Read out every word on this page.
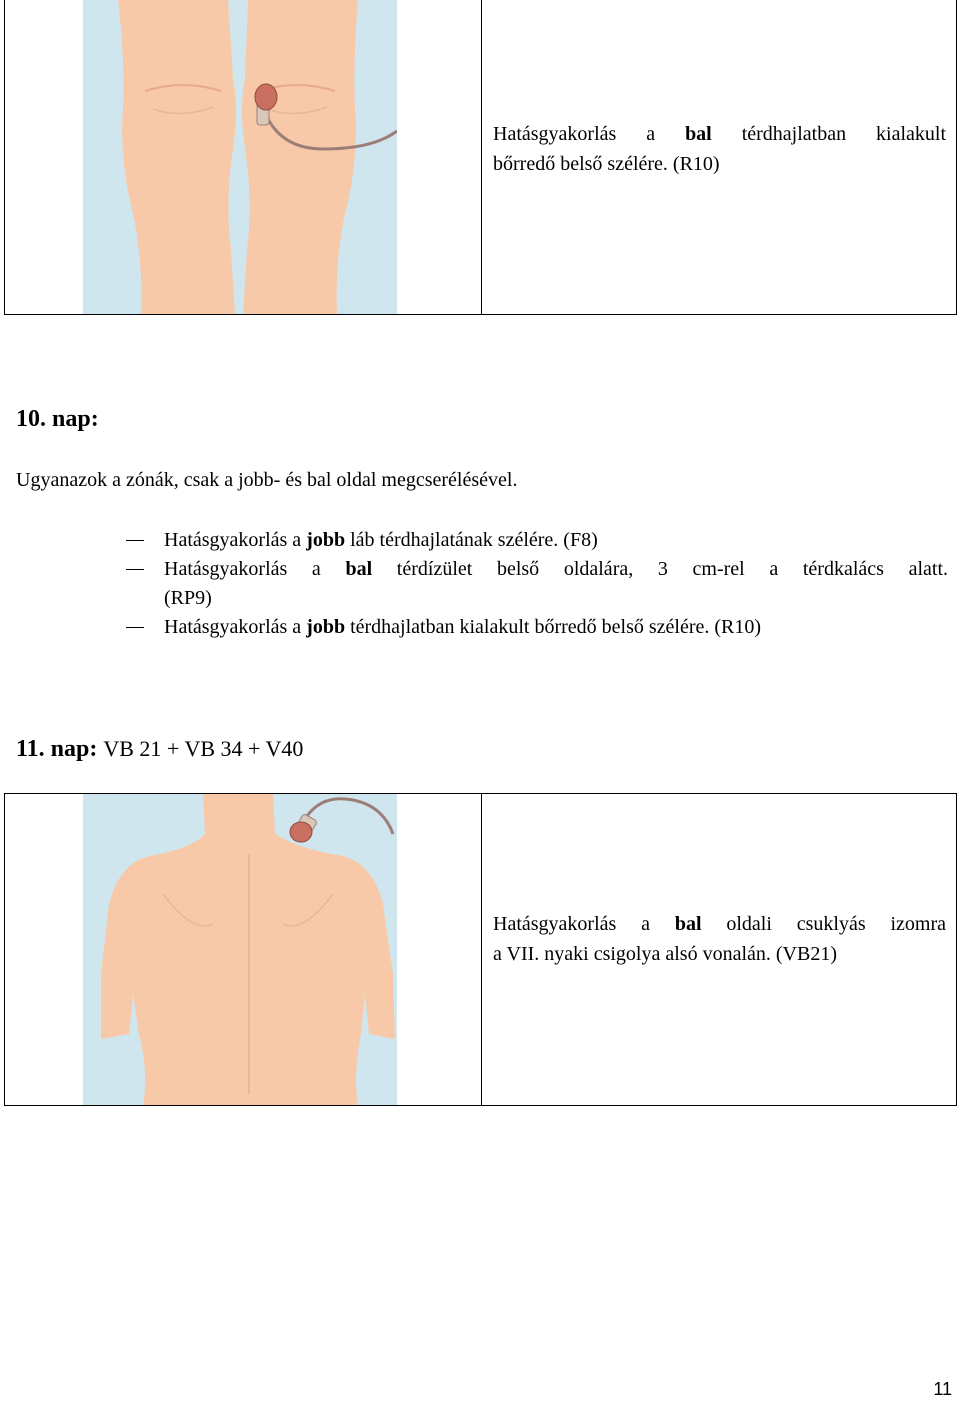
Hatásgyakorlás a bal térdhajlatban kialakult
bőrredő belső szélére. (R10)
10. nap:
Ugyanazok a zónák, csak a jobb- és bal oldal megcserélésével.
Hatásgyakorlás a jobb láb térdhajlatának szélére. (F8)
Hatásgyakorlás a bal térdízület belső oldalára, 3 cm-rel a térdkalács alatt.
(RP9)
Hatásgyakorlás a jobb térdhajlatban kialakult bőrredő belső szélére. (R10)
11. nap: VB 21 + VB 34 + V40
Hatásgyakorlás a bal oldali csuklyás izomra
a VII. nyaki csigolya alsó vonalán. (VB21)
11
